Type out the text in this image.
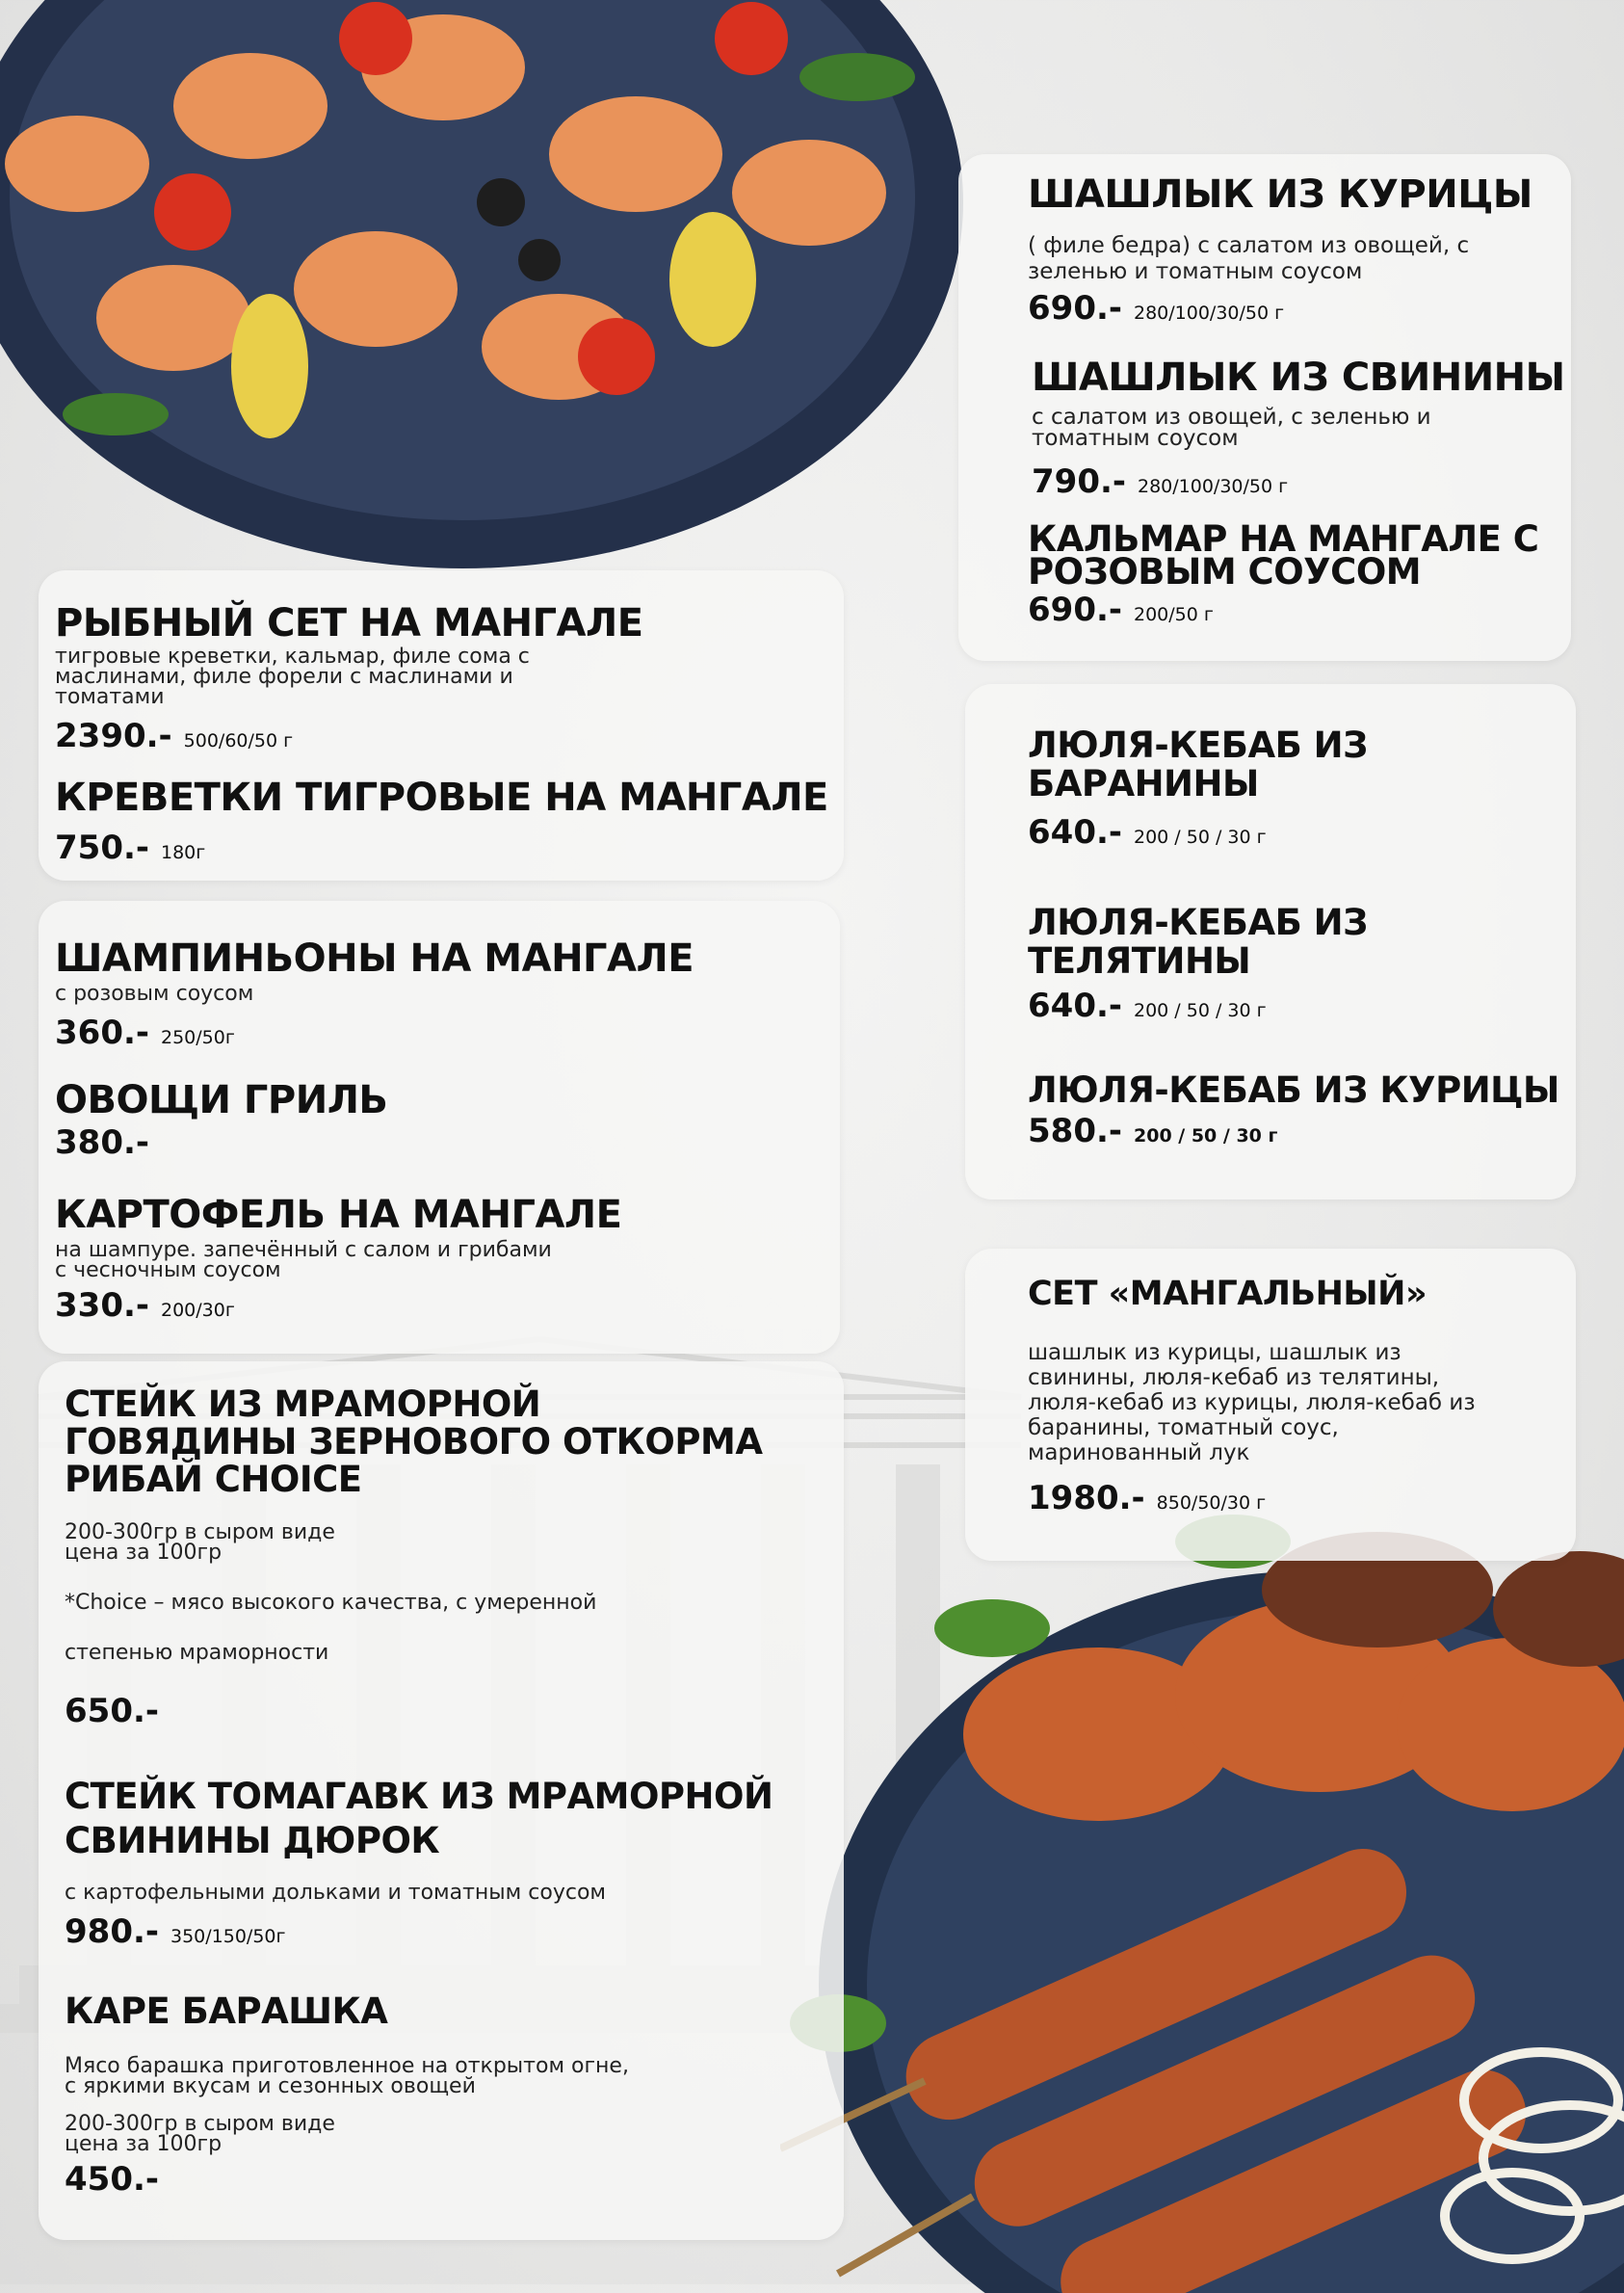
РЫБНЫЙ СЕТ НА МАНГАЛЕ
тигровые креветки, кальмар, филе сома с
маслинами, филе форели с маслинами и
томатами
2390.- 500/60/50 г
КРЕВЕТКИ ТИГРОВЫЕ НА МАНГАЛЕ
750.- 180г
ШАМПИНЬОНЫ НА МАНГАЛЕ
с розовым соусом
360.- 250/50г
ОВОЩИ ГРИЛЬ
380.-
КАРТОФЕЛЬ НА МАНГАЛЕ
на шампуре. запечённый с салом и грибами
с чесночным соусом
330.- 200/30г
СТЕЙК ИЗ МРАМОРНОЙ
ГОВЯДИНЫ ЗЕРНОВОГО ОТКОРМА
РИБАЙ CHOICE
200-300гр в сыром виде
цена за 100гр
*Choice – мясо высокого качества, с умеренной
степенью мраморности
650.-
СТЕЙК ТОМАГАВК ИЗ МРАМОРНОЙ
СВИНИНЫ ДЮРОК
с картофельными дольками и томатным соусом
980.- 350/150/50г
КАРЕ БАРАШКА
Мясо барашка приготовленное на открытом огне,
с яркими вкусам и сезонных овощей
200-300гр в сыром виде
цена за 100гр
450.-
ШАШЛЫК ИЗ КУРИЦЫ
( филе бедра) с салатом из овощей, с
зеленью и томатным соусом
690.- 280/100/30/50 г
ШАШЛЫК ИЗ СВИНИНЫ
с салатом из овощей, с зеленью и
томатным соусом
790.- 280/100/30/50 г
КАЛЬМАР НА МАНГАЛЕ С
РОЗОВЫМ СОУСОМ
690.- 200/50 г
ЛЮЛЯ-КЕБАБ ИЗ
БАРАНИНЫ
640.- 200 / 50 / 30 г
ЛЮЛЯ-КЕБАБ ИЗ
ТЕЛЯТИНЫ
640.- 200 / 50 / 30 г
ЛЮЛЯ-КЕБАБ ИЗ КУРИЦЫ
580.- 200 / 50 / 30 г
СЕТ «МАНГАЛЬНЫЙ»
шашлык из курицы, шашлык из
свинины, люля-кебаб из телятины,
люля-кебаб из курицы, люля-кебаб из
баранины, томатный соус,
маринованный лук
1980.- 850/50/30 г
